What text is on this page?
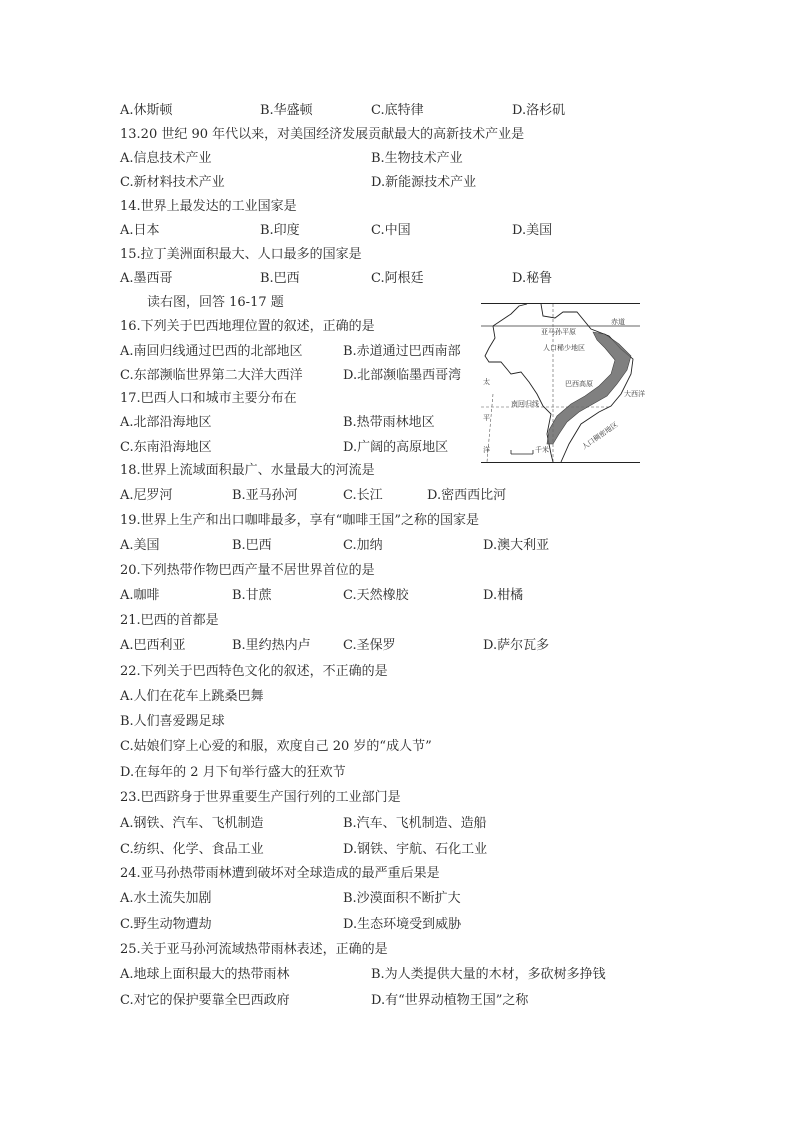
A.休斯顿	B.华盛顿	C.底特律	D.洛杉矶
13.20 世纪 90 年代以来，对美国经济发展贡献最大的高新技术产业是
A.信息技术产业	B.生物技术产业
C.新材料技术产业	D.新能源技术产业
14.世界上最发达的工业国家是
A.日本	B.印度	C.中国	D.美国
15.拉丁美洲面积最大、人口最多的国家是
A.墨西哥	B.巴西	C.阿根廷	D.秘鲁
读右图，回答 16-17 题
16.下列关于巴西地理位置的叙述，正确的是
A.南回归线通过巴西的北部地区	B.赤道通过巴西南部
C.东部濒临世界第二大洋大西洋	D.北部濒临墨西哥湾
17.巴西人口和城市主要分布在
A.北部沿海地区	B.热带雨林地区
C.东南沿海地区	D.广阔的高原地区
亚马孙平原
赤道
人口稀少地区
巴西高原
南回归线
人口稠密地区
大西洋
太
平
洋	千米
18.世界上流域面积最广、水量最大的河流是
A.尼罗河	B.亚马孙河	C.长江	D.密西西比河
19.世界上生产和出口咖啡最多，享有“咖啡王国”之称的国家是
A.美国	B.巴西	C.加纳	D.澳大利亚
20.下列热带作物巴西产量不居世界首位的是
A.咖啡	B.甘蔗	C.天然橡胶	D.柑橘
21.巴西的首都是
A.巴西利亚	B.里约热内卢 C.圣保罗	D.萨尔瓦多
22.下列关于巴西特色文化的叙述，不正确的是
A.人们在花车上跳桑巴舞
B.人们喜爱踢足球
C.姑娘们穿上心爱的和服，欢度自己 20 岁的“成人节”
D.在每年的 2 月下旬举行盛大的狂欢节
23.巴西跻身于世界重要生产国行列的工业部门是
A.钢铁、汽车、飞机制造	B.汽车、飞机制造、造船
C.纺织、化学、食品工业	D.钢铁、宇航、石化工业
24.亚马孙热带雨林遭到破坏对全球造成的最严重后果是
A.水土流失加剧	B.沙漠面积不断扩大
C.野生动物遭劫	D.生态环境受到威胁
25.关于亚马孙河流域热带雨林表述，正确的是
A.地球上面积最大的热带雨林	B.为人类提供大量的木材，多砍树多挣钱
C.对它的保护要靠全巴西政府	D.有“世界动植物王国”之称
